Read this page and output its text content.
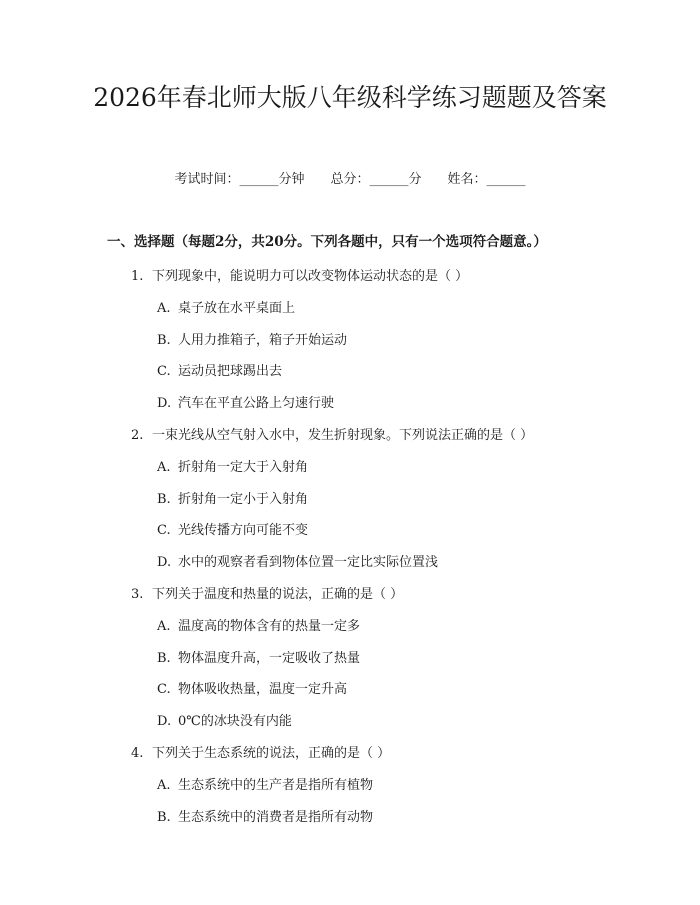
2026年春北师大版八年级科学练习题题及答案
考试时间：______分钟 总分：______分 姓名：______
一、选择题（每题2分，共20分。下列各题中，只有一个选项符合题意。）
1. 下列现象中，能说明力可以改变物体运动状态的是（ ）
A. 桌子放在水平桌面上
B. 人用力推箱子，箱子开始运动
C. 运动员把球踢出去
D. 汽车在平直公路上匀速行驶
2. 一束光线从空气射入水中，发生折射现象。下列说法正确的是（ ）
A. 折射角一定大于入射角
B. 折射角一定小于入射角
C. 光线传播方向可能不变
D. 水中的观察者看到物体位置一定比实际位置浅
3. 下列关于温度和热量的说法，正确的是（ ）
A. 温度高的物体含有的热量一定多
B. 物体温度升高，一定吸收了热量
C. 物体吸收热量，温度一定升高
D. 0℃的冰块没有内能
4. 下列关于生态系统的说法，正确的是（ ）
A. 生态系统中的生产者是指所有植物
B. 生态系统中的消费者是指所有动物
